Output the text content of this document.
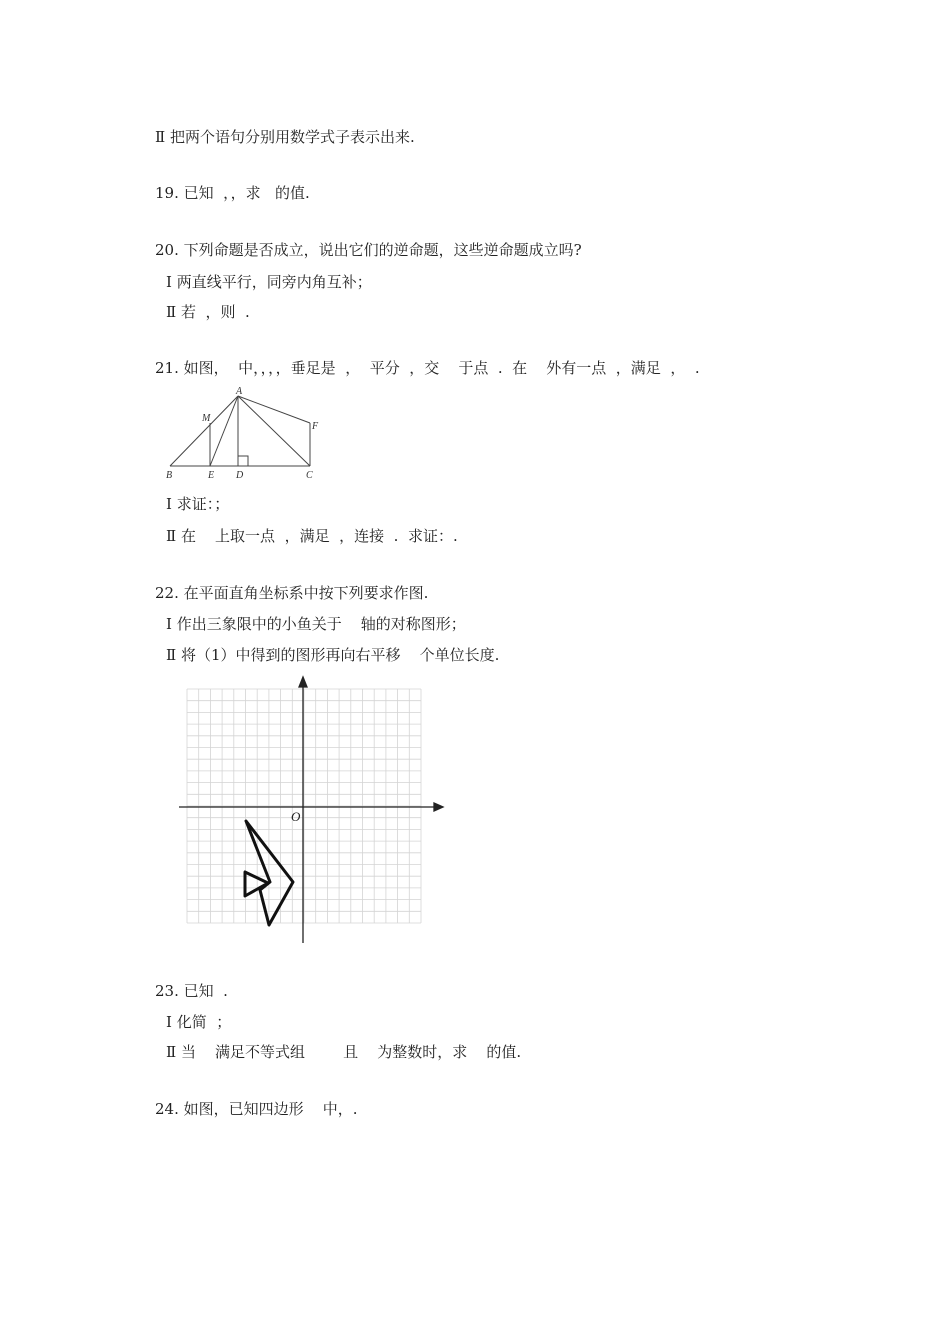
Ⅱ 把两个语句分别用数学式子表示出来.
19. 已知  ，，求   的值.
20. 下列命题是否成立，说出它们的逆命题，这些逆命题成立吗?
Ⅰ 两直线平行，同旁内角互补；
Ⅱ 若  ，则  .
21. 如图，  中，，，，垂足是  ，  平分  ，交    于点  .  在    外有一点  ，满足  ，  .
A
M
F
B	E D	C
Ⅰ 求证：；
Ⅱ 在    上取一点  ，满足  ，连接  .  求证：.
22. 在平面直角坐标系中按下列要求作图.
Ⅰ 作出三象限中的小鱼关于    轴的对称图形；
Ⅱ 将（1）中得到的图形再向右平移    个单位长度.
O
23. 已知  .
Ⅰ 化简  ；
Ⅱ 当    满足不等式组        且    为整数时，求    的值.
24. 如图，已知四边形    中，.
